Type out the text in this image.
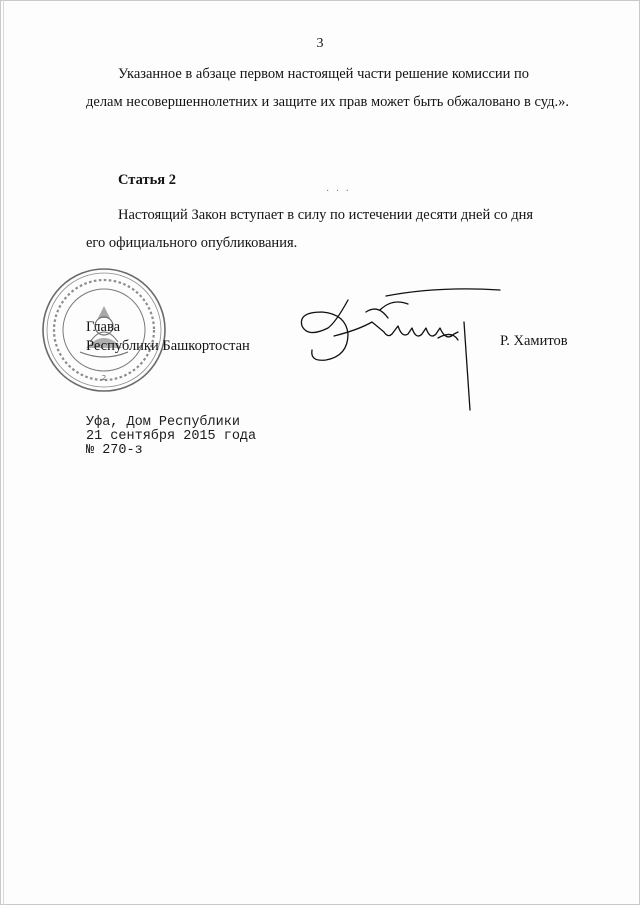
3

Указанное в абзаце первом настоящей части решение комиссии по
делам несовершеннолетних и защите их прав может быть обжаловано в суд.».

Статья 2
· · ·

Настоящий Закон вступает в силу по истечении десяти дней со дня
его официального опубликования.

2
Глава
Республики Башкортостан	Р. Хамитов
Уфа, Дом Республики
21 сентября 2015 года
№ 270-з
